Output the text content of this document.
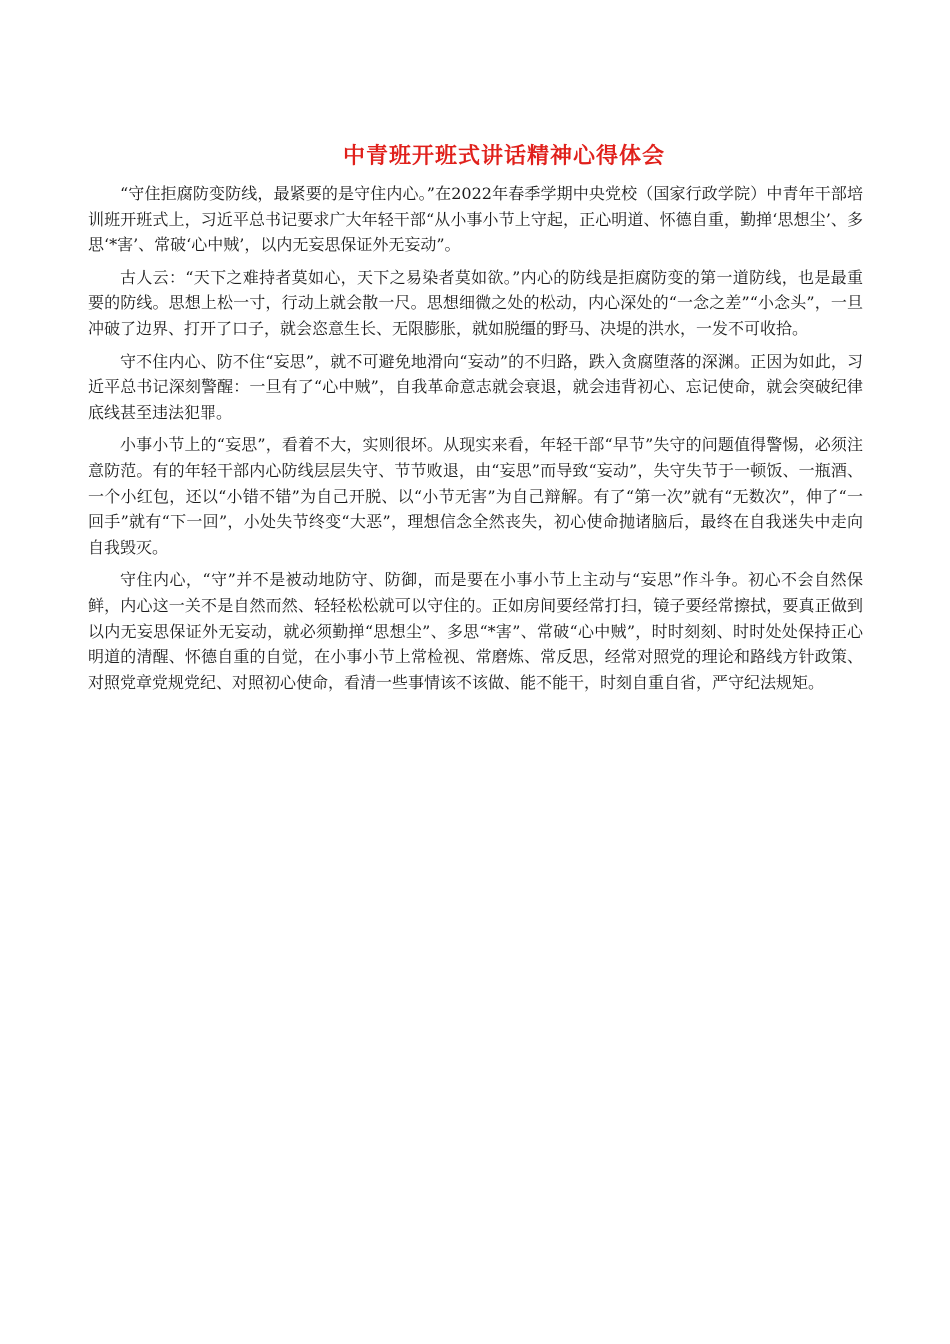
中青班开班式讲话精神心得体会

“守住拒腐防变防线，最紧要的是守住内心。”在2022年春季学期中央党校（国家行政学院）中青年干部培训班开班式上，习近平总书记要求广大年轻干部“从小事小节上守起，正心明道、怀德自重，勤掸‘思想尘’、多思‘*害’、常破‘心中贼’，以内无妄思保证外无妄动”。

古人云：“天下之难持者莫如心，天下之易染者莫如欲。”内心的防线是拒腐防变的第一道防线，也是最重要的防线。思想上松一寸，行动上就会散一尺。思想细微之处的松动，内心深处的“一念之差”“小念头”，一旦冲破了边界、打开了口子，就会恣意生长、无限膨胀，就如脱缰的野马、决堤的洪水，一发不可收拾。

守不住内心、防不住“妄思”，就不可避免地滑向“妄动”的不归路，跌入贪腐堕落的深渊。正因为如此，习近平总书记深刻警醒：一旦有了“心中贼”，自我革命意志就会衰退，就会违背初心、忘记使命，就会突破纪律底线甚至违法犯罪。

小事小节上的“妄思”，看着不大，实则很坏。从现实来看，年轻干部“早节”失守的问题值得警惕，必须注意防范。有的年轻干部内心防线层层失守、节节败退，由“妄思”而导致“妄动”，失守失节于一顿饭、一瓶酒、一个小红包，还以“小错不错”为自己开脱、以“小节无害”为自己辩解。有了“第一次”就有“无数次”，伸了“一回手”就有“下一回”，小处失节终变“大恶”，理想信念全然丧失，初心使命抛诸脑后，最终在自我迷失中走向自我毁灭。

守住内心，“守”并不是被动地防守、防御，而是要在小事小节上主动与“妄思”作斗争。初心不会自然保鲜，内心这一关不是自然而然、轻轻松松就可以守住的。正如房间要经常打扫，镜子要经常擦拭，要真正做到以内无妄思保证外无妄动，就必须勤掸“思想尘”、多思“*害”、常破“心中贼”，时时刻刻、时时处处保持正心明道的清醒、怀德自重的自觉，在小事小节上常检视、常磨炼、常反思，经常对照党的理论和路线方针政策、对照党章党规党纪、对照初心使命，看清一些事情该不该做、能不能干，时刻自重自省，严守纪法规矩。
